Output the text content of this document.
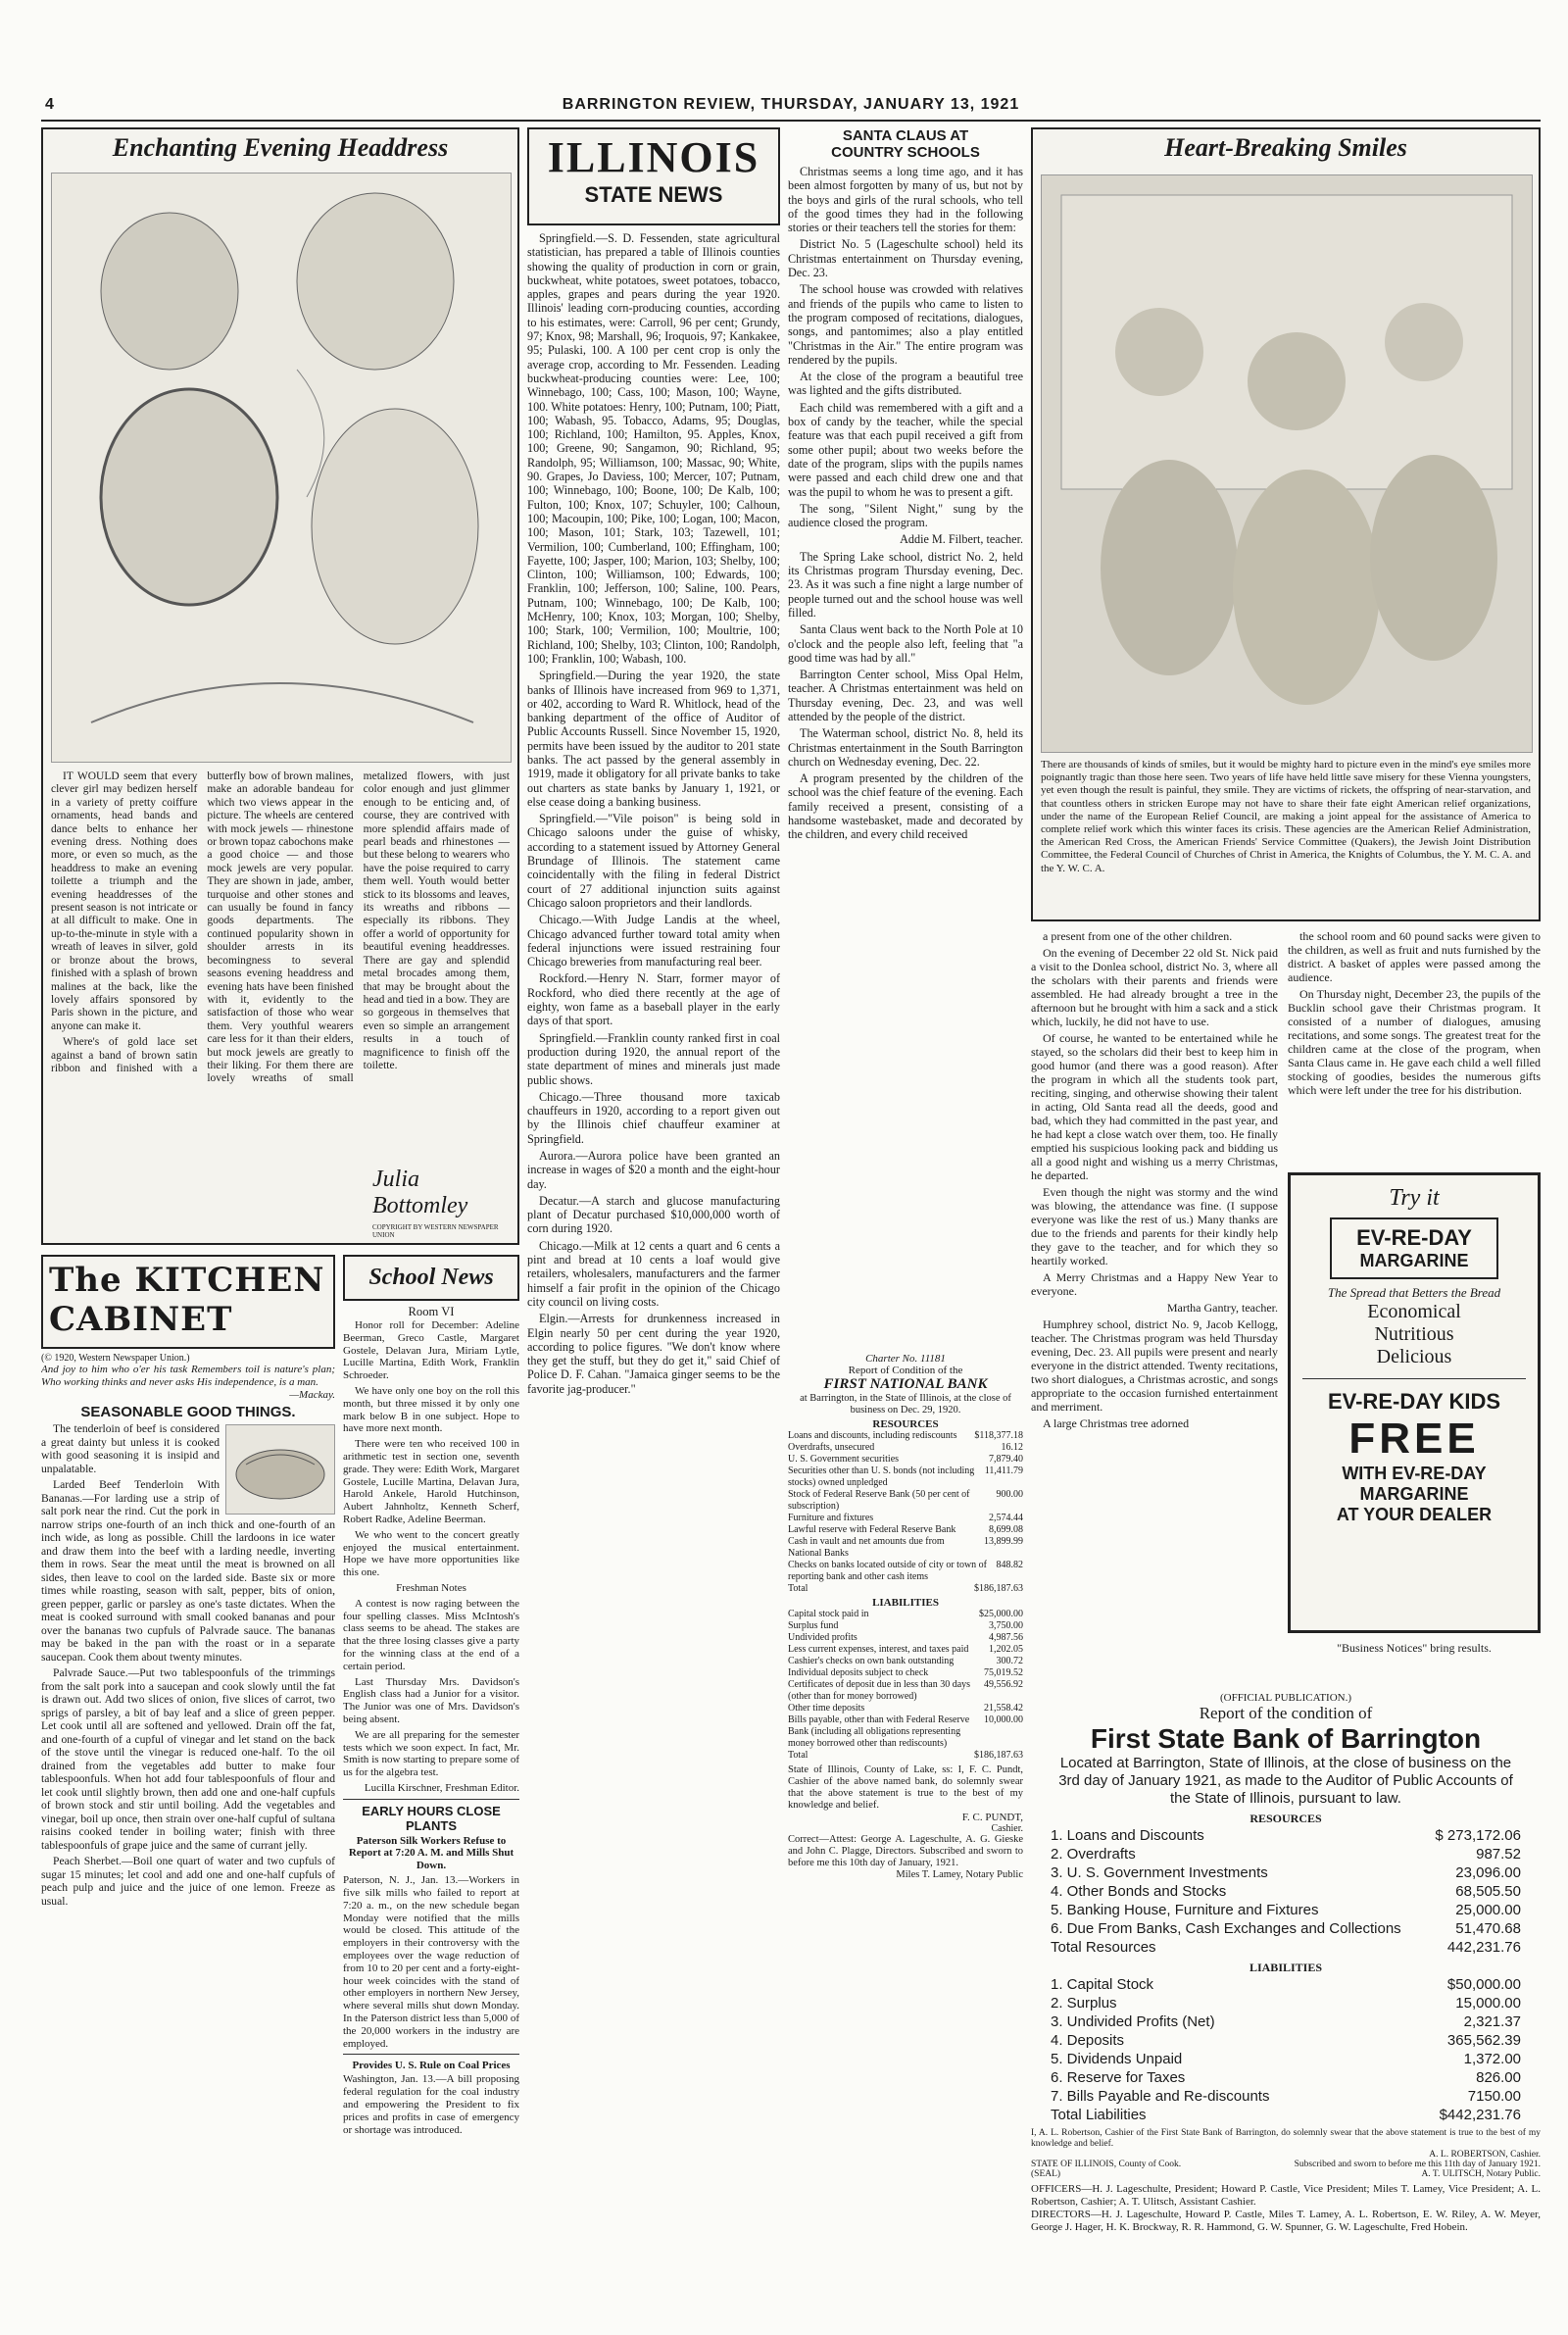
4	BARRINGTON REVIEW, THURSDAY, JANUARY 13, 1921
Enchanting Evening Headdress

IT WOULD seem that every clever girl may bedizen herself in a variety of pretty coiffure ornaments, head bands and dance belts to enhance her evening dress. Nothing does more, or even so much, as the headdress to make an evening toilette a triumph and the evening headdresses of the present season is not intricate or at all difficult to make. One in up-to-the-minute in style with a wreath of leaves in silver, gold or bronze about the brows, finished with a splash of brown malines at the back, like the lovely affairs sponsored by Paris shown in the picture, and anyone can make it.

Where's of gold lace set against a band of brown satin ribbon and finished with a butterfly bow of brown malines, make an adorable bandeau for which two views appear in the picture. The wheels are centered with mock jewels — rhinestone or brown topaz cabochons make a good choice — and those mock jewels are very popular. They are shown in jade, amber, turquoise and other stones and can usually be found in fancy goods departments. The continued popularity shown in shoulder arrests in its becomingness to several seasons evening headdress and evening hats have been finished with it, evidently to the satisfaction of those who wear them. Very youthful wearers care less for it than their elders, but mock jewels are greatly to their liking. For them there are lovely wreaths of small metalized flowers, with just color enough and just glimmer enough to be enticing and, of course, they are contrived with more splendid affairs made of pearl beads and rhinestones — but these belong to wearers who have the poise required to carry them well. Youth would better stick to its blossoms and leaves, its wreaths and ribbons — especially its ribbons. They offer a world of opportunity for beautiful evening headdresses. There are gay and splendid metal brocades among them, that may be brought about the head and tied in a bow. They are so gorgeous in themselves that even so simple an arrangement results in a touch of magnificence to finish off the toilette.

Julia Bottomley
COPYRIGHT BY WESTERN NEWSPAPER UNION
The KITCHEN
CABINET
(© 1920, Western Newspaper Union.)
And joy to him who o'er his task Remembers toil is nature's plan; Who working thinks and never asks His independence, is a man.
—Mackay.
SEASONABLE GOOD THINGS.

The tenderloin of beef is considered a great dainty but unless it is cooked with good seasoning it is insipid and unpalatable.

Larded Beef Tenderloin With Bananas.—For larding use a strip of salt pork near the rind. Cut the pork in narrow strips one-fourth of an inch thick and one-fourth of an inch wide, as long as possible. Chill the lardoons in ice water and draw them into the beef with a larding needle, inverting them in rows. Sear the meat until the meat is browned on all sides, then leave to cool on the larded side. Baste six or more times while roasting, season with salt, pepper, bits of onion, green pepper, garlic or parsley as one's taste dictates. When the meat is cooked surround with small cooked bananas and pour over the bananas two cupfuls of Palvrade sauce. The bananas may be baked in the pan with the roast or in a separate saucepan. Cook them about twenty minutes.

Palvrade Sauce.—Put two tablespoonfuls of the trimmings from the salt pork into a saucepan and cook slowly until the fat is drawn out. Add two slices of onion, five slices of carrot, two sprigs of parsley, a bit of bay leaf and a slice of green pepper. Let cook until all are softened and yellowed. Drain off the fat, and one-fourth of a cupful of vinegar and let stand on the back of the stove until the vinegar is reduced one-half. To the oil drained from the vegetables add butter to make four tablespoonfuls. When hot add four tablespoonfuls of flour and let cook until slightly brown, then add one and one-half cupfuls of brown stock and stir until boiling. Add the vegetables and vinegar, boil up once, then strain over one-half cupful of sultana raisins cooked tender in boiling water; finish with three tablespoonfuls of grape juice and the same of currant jelly.

Peach Sherbet.—Boil one quart of water and two cupfuls of sugar 15 minutes; let cool and add one and one-half cupfuls of peach pulp and juice and the juice of one lemon. Freeze as usual.

School News
Room VI

Honor roll for December: Adeline Beerman, Greco Castle, Margaret Gostele, Delavan Jura, Miriam Lytle, Lucille Martina, Edith Work, Franklin Schroeder.

We have only one boy on the roll this month, but three missed it by only one mark below B in one subject. Hope to have more next month.

There were ten who received 100 in arithmetic test in section one, seventh grade. They were: Edith Work, Margaret Gostele, Lucille Martina, Delavan Jura, Harold Ankele, Harold Hutchinson, Aubert Jahnholtz, Kenneth Scherf, Robert Radke, Adeline Beerman.

We who went to the concert greatly enjoyed the musical entertainment. Hope we have more opportunities like this one.

Freshman Notes

A contest is now raging between the four spelling classes. Miss McIntosh's class seems to be ahead. The stakes are that the three losing classes give a party for the winning class at the end of a certain period.

Last Thursday Mrs. Davidson's English class had a Junior for a visitor. The Junior was one of Mrs. Davidson's being absent.

We are all preparing for the semester tests which we soon expect. In fact, Mr. Smith is now starting to prepare some of us for the algebra test.

Lucilla Kirschner, Freshman Editor.

EARLY HOURS CLOSE PLANTS
Paterson Silk Workers Refuse to Report at 7:20 A. M. and Mills Shut Down.
Paterson, N. J., Jan. 13.—Workers in five silk mills who failed to report at 7:20 a. m., on the new schedule began Monday were notified that the mills would be closed. This attitude of the employers in their controversy with the employees over the wage reduction of from 10 to 20 per cent and a forty-eight-hour week coincides with the stand of other employers in northern New Jersey, where several mills shut down Monday. In the Paterson district less than 5,000 of the 20,000 workers in the industry are employed.
Provides U. S. Rule on Coal Prices
Washington, Jan. 13.—A bill proposing federal regulation for the coal industry and empowering the President to fix prices and profits in case of emergency or shortage was introduced.
ILLINOIS
STATE NEWS

Springfield.—S. D. Fessenden, state agricultural statistician, has prepared a table of Illinois counties showing the quality of production in corn or grain, buckwheat, white potatoes, sweet potatoes, tobacco, apples, grapes and pears during the year 1920. Illinois' leading corn-producing counties, according to his estimates, were: Carroll, 96 per cent; Grundy, 97; Knox, 98; Marshall, 96; Iroquois, 97; Kankakee, 95; Pulaski, 100. A 100 per cent crop is only the average crop, according to Mr. Fessenden. Leading buckwheat-producing counties were: Lee, 100; Winnebago, 100; Cass, 100; Mason, 100; Wayne, 100. White potatoes: Henry, 100; Putnam, 100; Piatt, 100; Wabash, 95. Tobacco, Adams, 95; Douglas, 100; Richland, 100; Hamilton, 95. Apples, Knox, 100; Greene, 90; Sangamon, 90; Richland, 95; Randolph, 95; Williamson, 100; Massac, 90; White, 90. Grapes, Jo Daviess, 100; Mercer, 107; Putnam, 100; Winnebago, 100; Boone, 100; De Kalb, 100; Fulton, 100; Knox, 107; Schuyler, 100; Calhoun, 100; Macoupin, 100; Pike, 100; Logan, 100; Macon, 100; Mason, 101; Stark, 103; Tazewell, 101; Vermilion, 100; Cumberland, 100; Effingham, 100; Fayette, 100; Jasper, 100; Marion, 103; Shelby, 100; Clinton, 100; Williamson, 100; Edwards, 100; Franklin, 100; Jefferson, 100; Saline, 100. Pears, Putnam, 100; Winnebago, 100; De Kalb, 100; McHenry, 100; Knox, 103; Morgan, 100; Shelby, 100; Stark, 100; Vermilion, 100; Moultrie, 100; Richland, 100; Shelby, 103; Clinton, 100; Randolph, 100; Franklin, 100; Wabash, 100.

Springfield.—During the year 1920, the state banks of Illinois have increased from 969 to 1,371, or 402, according to Ward R. Whitlock, head of the banking department of the office of Auditor of Public Accounts Russell. Since November 15, 1920, permits have been issued by the auditor to 201 state banks. The act passed by the general assembly in 1919, made it obligatory for all private banks to take out charters as state banks by January 1, 1921, or else cease doing a banking business.

Springfield.—"Vile poison" is being sold in Chicago saloons under the guise of whisky, according to a statement issued by Attorney General Brundage of Illinois. The statement came coincidentally with the filing in federal District court of 27 additional injunction suits against Chicago saloon proprietors and their landlords.

Chicago.—With Judge Landis at the wheel, Chicago advanced further toward total amity when federal injunctions were issued restraining four Chicago breweries from manufacturing real beer.

Rockford.—Henry N. Starr, former mayor of Rockford, who died there recently at the age of eighty, won fame as a baseball player in the early days of that sport.

Springfield.—Franklin county ranked first in coal production during 1920, the annual report of the state department of mines and minerals just made public shows.

Chicago.—Three thousand more taxicab chauffeurs in 1920, according to a report given out by the Illinois chief chauffeur examiner at Springfield.

Aurora.—Aurora police have been granted an increase in wages of $20 a month and the eight-hour day.

Decatur.—A starch and glucose manufacturing plant of Decatur purchased $10,000,000 worth of corn during 1920.

Chicago.—Milk at 12 cents a quart and 6 cents a pint and bread at 10 cents a loaf would give retailers, wholesalers, manufacturers and the farmer himself a fair profit in the opinion of the Chicago city council on living costs.

Elgin.—Arrests for drunkenness increased in Elgin nearly 50 per cent during the year 1920, according to police figures. "We don't know where they get the stuff, but they do get it," said Chief of Police D. F. Cahan. "Jamaica ginger seems to be the favorite jag-producer."

SANTA CLAUS AT
COUNTRY SCHOOLS

Christmas seems a long time ago, and it has been almost forgotten by many of us, but not by the boys and girls of the rural schools, who tell of the good times they had in the following stories or their teachers tell the stories for them:

District No. 5 (Lageschulte school) held its Christmas entertainment on Thursday evening, Dec. 23.

The school house was crowded with relatives and friends of the pupils who came to listen to the program composed of recitations, dialogues, songs, and pantomimes; also a play entitled "Christmas in the Air." The entire program was rendered by the pupils.

At the close of the program a beautiful tree was lighted and the gifts distributed.

Each child was remembered with a gift and a box of candy by the teacher, while the special feature was that each pupil received a gift from some other pupil; about two weeks before the date of the program, slips with the pupils names were passed and each child drew one and that was the pupil to whom he was to present a gift.

The song, "Silent Night," sung by the audience closed the program.

Addie M. Filbert, teacher.

The Spring Lake school, district No. 2, held its Christmas program Thursday evening, Dec. 23. As it was such a fine night a large number of people turned out and the school house was well filled.

Santa Claus went back to the North Pole at 10 o'clock and the people also left, feeling that "a good time was had by all."

Barrington Center school, Miss Opal Helm, teacher. A Christmas entertainment was held on Thursday evening, Dec. 23, and was well attended by the people of the district.

The Waterman school, district No. 8, held its Christmas entertainment in the South Barrington church on Wednesday evening, Dec. 22.

A program presented by the children of the school was the chief feature of the evening. Each family received a present, consisting of a handsome wastebasket, made and decorated by the children, and every child received

Charter No. 11181
Report of Condition of the
FIRST NATIONAL BANK
at Barrington, in the State of Illinois, at the close of business on Dec. 29, 1920.
RESOURCES
Loans and discounts, including rediscounts	$118,377.18
Overdrafts, unsecured	16.12
U. S. Government securities	7,879.40
Securities other than U. S. bonds (not including stocks) owned unpledged
11,411.79
Stock of Federal Reserve Bank (50 per cent of subscription)
900.00
Furniture and fixtures	2,574.44
Lawful reserve with Federal Reserve Bank	8,699.08
Cash in vault and net amounts due from National Banks
13,899.99
Checks on banks located outside of city or town of reporting bank and other cash items
848.82
Total	$186,187.63
LIABILITIES
Capital stock paid in	$25,000.00
Surplus fund	3,750.00
Undivided profits	4,987.56
Less current expenses, interest, and taxes paid	1,202.05
Cashier's checks on own bank outstanding	300.72
Individual deposits subject to check	75,019.52
Certificates of deposit due in less than 30 days (other than for money borrowed)
49,556.92
Other time deposits	21,558.42
Bills payable, other than with Federal Reserve Bank (including all obligations representing money borrowed other than rediscounts)
10,000.00
Total	$186,187.63
State of Illinois, County of Lake, ss: I, F. C. Pundt, Cashier of the above named bank, do solemnly swear that the above statement is true to the best of my knowledge and belief.
F. C. PUNDT,
Cashier.
Correct—Attest: George A. Lageschulte, A. G. Gieske and John C. Plagge, Directors. Subscribed and sworn to before me this 10th day of January, 1921.
Miles T. Lamey, Notary Public
Heart-Breaking Smiles
There are thousands of kinds of smiles, but it would be mighty hard to picture even in the mind's eye smiles more poignantly tragic than those here seen. Two years of life have held little save misery for these Vienna youngsters, yet even though the result is painful, they smile. They are victims of rickets, the offspring of near-starvation, and that countless others in stricken Europe may not have to share their fate eight American relief organizations, under the name of the European Relief Council, are making a joint appeal for the assistance of America to complete relief work which this winter faces its crisis. These agencies are the American Relief Administration, the American Red Cross, the American Friends' Service Committee (Quakers), the Jewish Joint Distribution Committee, the Federal Council of Churches of Christ in America, the Knights of Columbus, the Y. M. C. A. and the Y. W. C. A.

a present from one of the other children.

On the evening of December 22 old St. Nick paid a visit to the Donlea school, district No. 3, where all the scholars with their parents and friends were assembled. He had already brought a tree in the afternoon but he brought with him a sack and a stick which, luckily, he did not have to use.

Of course, he wanted to be entertained while he stayed, so the scholars did their best to keep him in good humor (and there was a good reason). After the program in which all the students took part, reciting, singing, and otherwise showing their talent in acting, Old Santa read all the deeds, good and bad, which they had committed in the past year, and he had kept a close watch over them, too. He finally emptied his suspicious looking pack and bidding us all a good night and wishing us a merry Christmas, he departed.

Even though the night was stormy and the wind was blowing, the attendance was fine. (I suppose everyone was like the rest of us.) Many thanks are due to the friends and parents for their kindly help they gave to the teacher, and for which they so heartily worked.

A Merry Christmas and a Happy New Year to everyone.

Martha Gantry, teacher.

Humphrey school, district No. 9, Jacob Kellogg, teacher. The Christmas program was held Thursday evening, Dec. 23. All pupils were present and nearly everyone in the district attended. Twenty recitations, two short dialogues, a Christmas acrostic, and songs appropriate to the occasion furnished entertainment and merriment.

A large Christmas tree adorned

the school room and 60 pound sacks were given to the children, as well as fruit and nuts furnished by the district. A basket of apples were passed among the audience.

On Thursday night, December 23, the pupils of the Bucklin school gave their Christmas program. It consisted of a number of dialogues, amusing recitations, and some songs. The greatest treat for the children came at the close of the program, when Santa Claus came in. He gave each child a well filled stocking of goodies, besides the numerous gifts which were left under the tree for his distribution.

Try it
EV-RE-DAY
MARGARINE
The Spread that Betters the Bread
Economical
Nutritious
Delicious
EV-RE-DAY KIDS
FREE
WITH EV-RE-DAY
MARGARINE
AT YOUR DEALER
"Business Notices" bring results.
(OFFICIAL PUBLICATION.)
Report of the condition of
First State Bank of Barrington
Located at Barrington, State of Illinois, at the close of business on the 3rd day of January 1921, as made to the Auditor of Public Accounts of the State of Illinois, pursuant to law.
RESOURCES
1. Loans and Discounts	$ 273,172.06
2. Overdrafts	987.52
3. U. S. Government Investments	23,096.00
4. Other Bonds and Stocks	68,505.50
5. Banking House, Furniture and Fixtures	25,000.00
6. Due From Banks, Cash Exchanges and Collections	51,470.68
Total Resources	442,231.76
LIABILITIES
1. Capital Stock	$50,000.00
2. Surplus	15,000.00
3. Undivided Profits (Net)	2,321.37
4. Deposits	365,562.39
5. Dividends Unpaid	1,372.00
6. Reserve for Taxes	826.00
7. Bills Payable and Re-discounts	7150.00
Total Liabilities	$442,231.76
I, A. L. Robertson, Cashier of the First State Bank of Barrington, do solemnly swear that the above statement is true to the best of my knowledge and belief.
A. L. ROBERTSON, Cashier.
STATE OF ILLINOIS, County of Cook.
(SEAL)
Subscribed and sworn to before me this 11th day of January 1921.
A. T. ULITSCH, Notary Public.
OFFICERS—H. J. Lageschulte, President; Howard P. Castle, Vice President; Miles T. Lamey, Vice President; A. L. Robertson, Cashier; A. T. Ulitsch, Assistant Cashier.
DIRECTORS—H. J. Lageschulte, Howard P. Castle, Miles T. Lamey, A. L. Robertson, E. W. Riley, A. W. Meyer, George J. Hager, H. K. Brockway, R. R. Hammond, G. W. Spunner, G. W. Lageschulte, Fred Hobein.
